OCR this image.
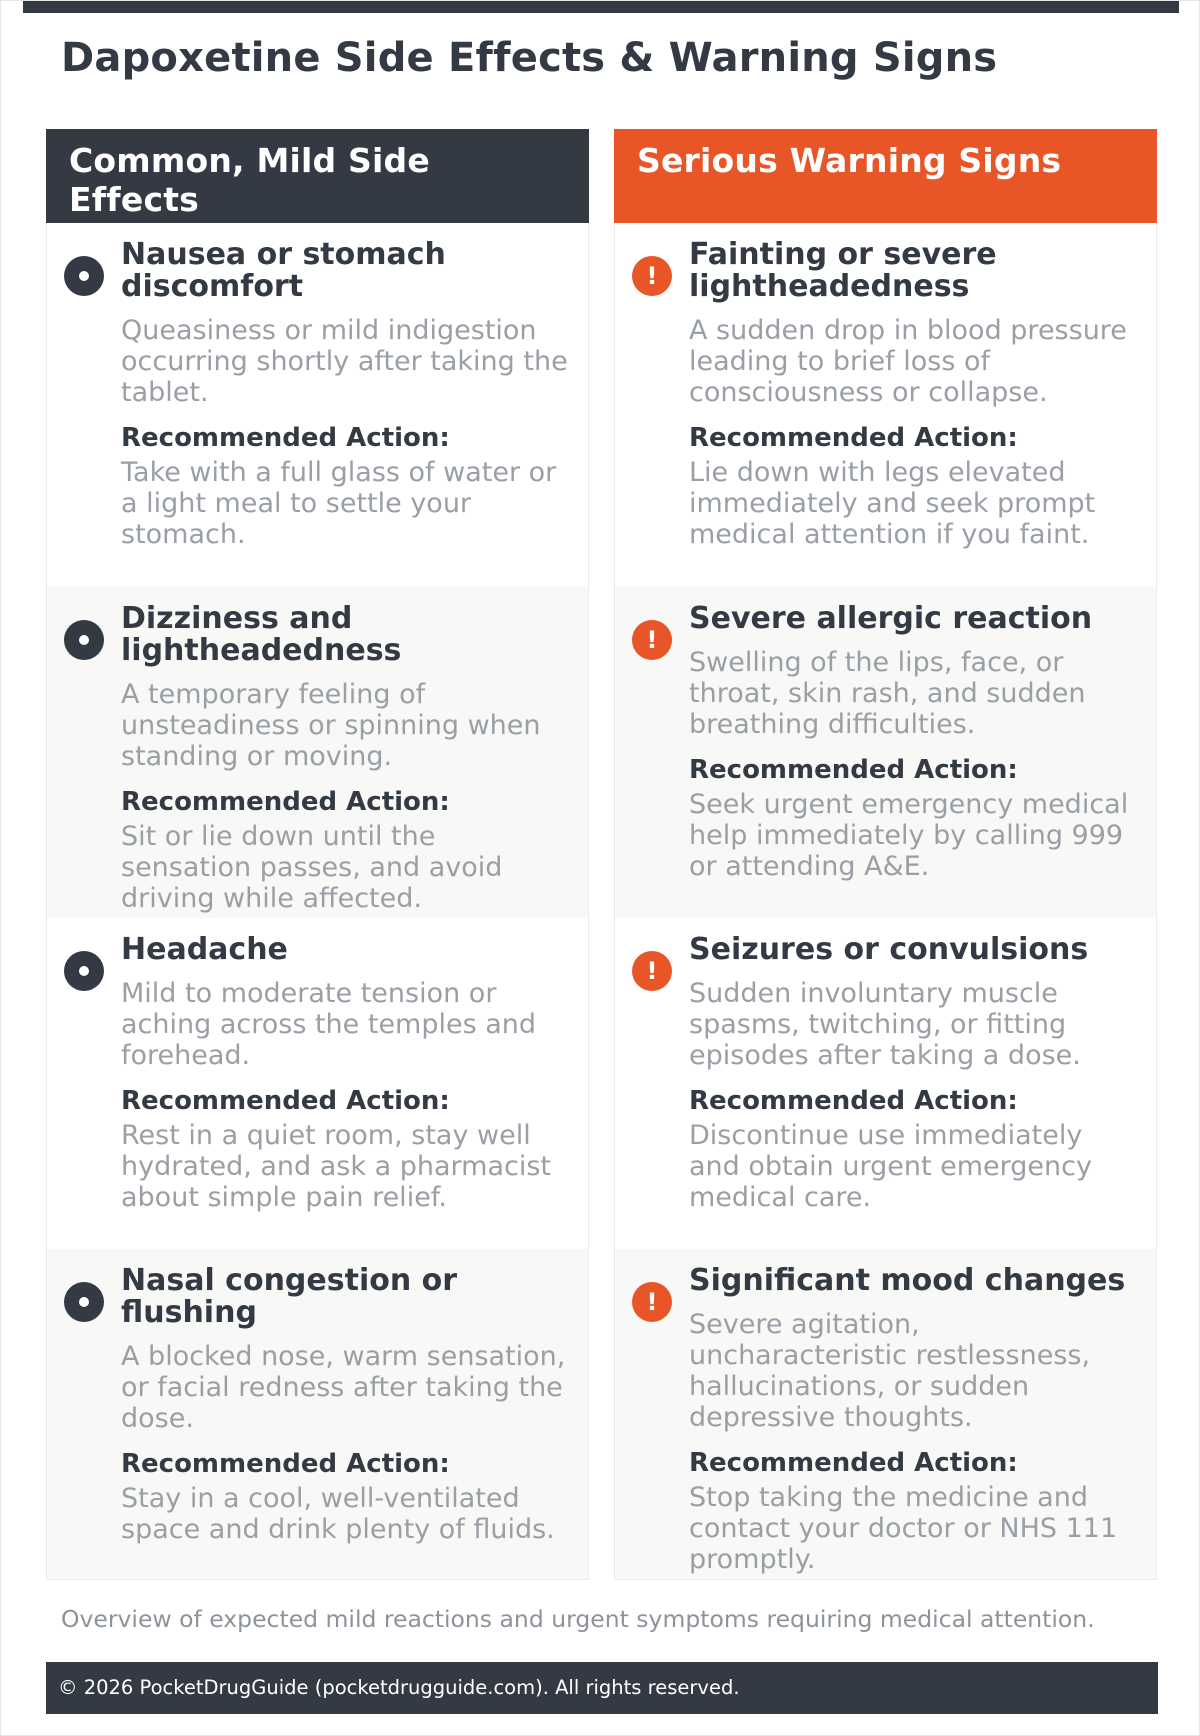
Dapoxetine Side Effects & Warning Signs
Common, Mild Side Effects
Nausea or stomach discomfort
Queasiness or mild indigestion occurring shortly after taking the tablet.
Recommended Action:
Take with a full glass of water or a light meal to settle your stomach.
Dizziness and lightheadedness
A temporary feeling of unsteadiness or spinning when standing or moving.
Recommended Action:
Sit or lie down until the sensation passes, and avoid driving while affected.
Headache
Mild to moderate tension or aching across the temples and forehead.
Recommended Action:
Rest in a quiet room, stay well hydrated, and ask a pharmacist about simple pain relief.
Nasal congestion or flushing
A blocked nose, warm sensation, or facial redness after taking the dose.
Recommended Action:
Stay in a cool, well-ventilated space and drink plenty of fluids.
Serious Warning Signs
!
Fainting or severe lightheadedness
A sudden drop in blood pressure leading to brief loss of consciousness or collapse.
Recommended Action:
Lie down with legs elevated immediately and seek prompt medical attention if you faint.
!
Severe allergic reaction
Swelling of the lips, face, or throat, skin rash, and sudden breathing difficulties.
Recommended Action:
Seek urgent emergency medical help immediately by calling 999 or attending A&E.
!
Seizures or convulsions
Sudden involuntary muscle spasms, twitching, or fitting episodes after taking a dose.
Recommended Action:
Discontinue use immediately and obtain urgent emergency medical care.
!
Significant mood changes
Severe agitation, uncharacteristic restlessness, hallucinations, or sudden depressive thoughts.
Recommended Action:
Stop taking the medicine and contact your doctor or NHS 111 promptly.

Overview of expected mild reactions and urgent symptoms requiring medical attention.

© 2026 PocketDrugGuide (pocketdrugguide.com). All rights reserved.
